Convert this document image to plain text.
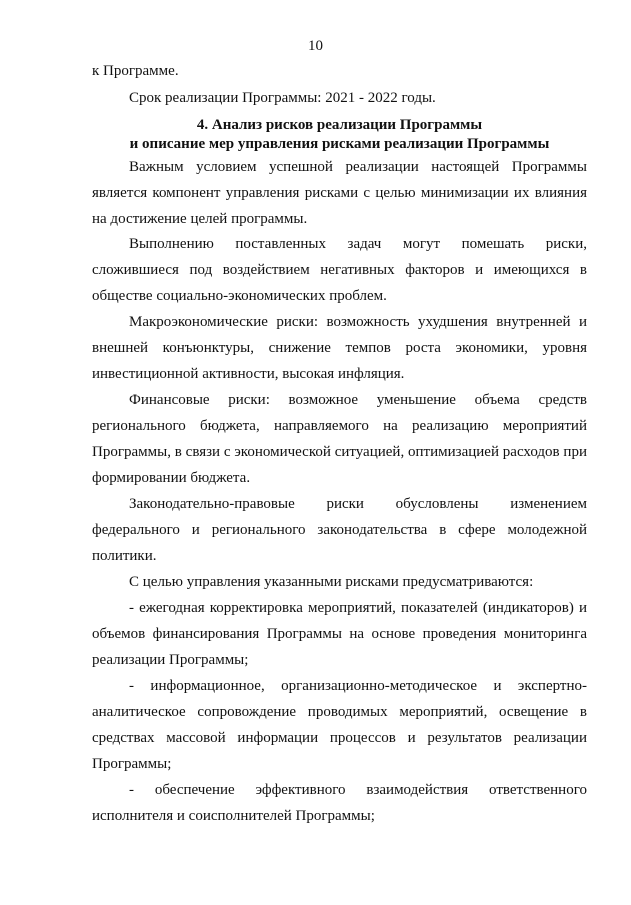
10

к Программе.

Срок реализации Программы: 2021 - 2022 годы.

4. Анализ рисков реализации Программы
и описание мер управления рисками реализации Программы

Важным условием успешной реализации настоящей Программы является компонент управления рисками с целью минимизации их влияния на достижение целей программы.

Выполнению поставленных задач могут помешать риски, сложившиеся под воздействием негативных факторов и имеющихся в обществе социально-экономических проблем.

Макроэкономические риски: возможность ухудшения внутренней и внешней конъюнктуры, снижение темпов роста экономики, уровня инвестиционной активности, высокая инфляция.

Финансовые риски: возможное уменьшение объема средств регионального бюджета, направляемого на реализацию мероприятий Программы, в связи с экономической ситуацией, оптимизацией расходов при формировании бюджета.

Законодательно-правовые риски обусловлены изменением федерального и регионального законодательства в сфере молодежной политики.

С целью управления указанными рисками предусматриваются:

- ежегодная корректировка мероприятий, показателей (индикаторов) и объемов финансирования Программы на основе проведения мониторинга реализации Программы;

- информационное, организационно-методическое и экспертно-аналитическое сопровождение проводимых мероприятий, освещение в средствах массовой информации процессов и результатов реализации Программы;

- обеспечение эффективного взаимодействия ответственного исполнителя и соисполнителей Программы;
